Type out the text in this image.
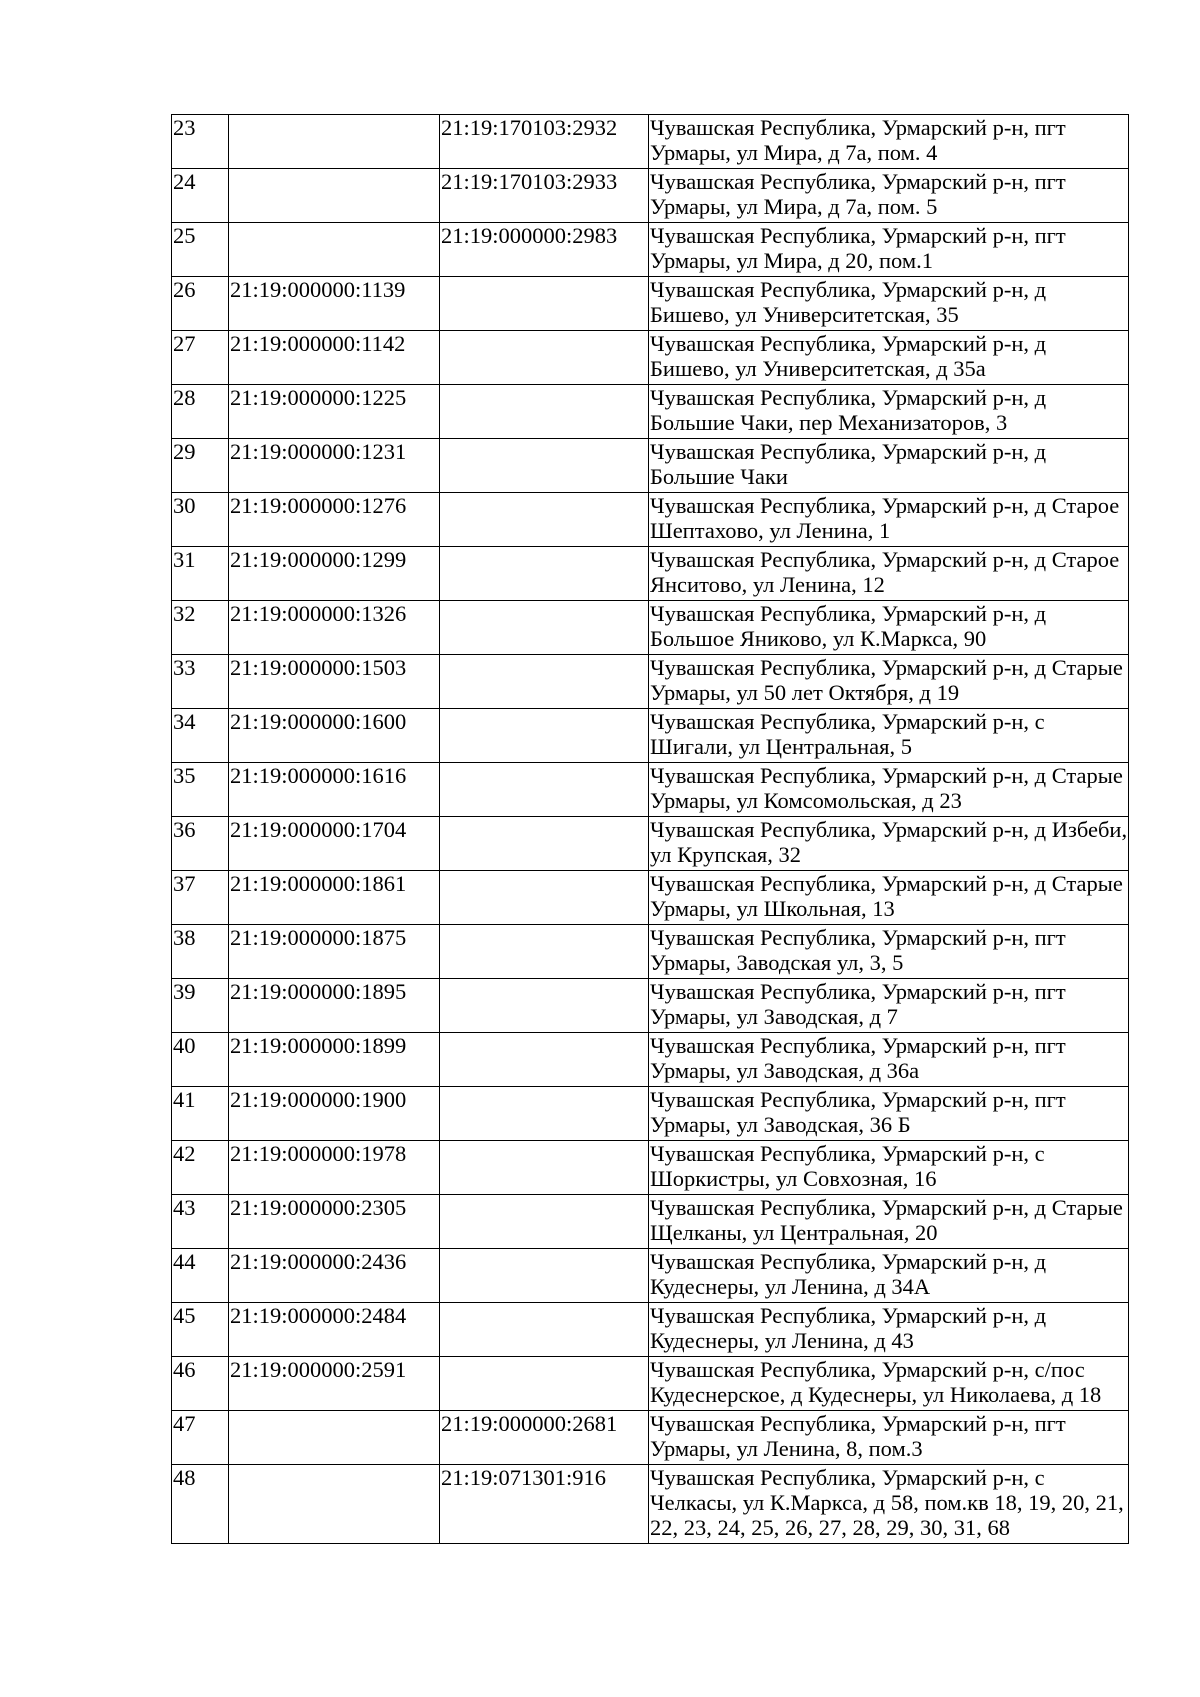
23		21:19:170103:2932	Чувашская Республика, Урмарский р-н, пгт Урмары, ул Мира, д 7а, пом. 4
24		21:19:170103:2933	Чувашская Республика, Урмарский р-н, пгт Урмары, ул Мира, д 7а, пом. 5
25		21:19:000000:2983	Чувашская Республика, Урмарский р-н, пгт Урмары, ул Мира, д 20, пом.1
26	21:19:000000:1139		Чувашская Республика, Урмарский р-н, д Бишево, ул Университетская, 35
27	21:19:000000:1142		Чувашская Республика, Урмарский р-н, д Бишево, ул Университетская, д 35а
28	21:19:000000:1225		Чувашская Республика, Урмарский р-н, д Большие Чаки, пер Механизаторов, 3
29	21:19:000000:1231		Чувашская Республика, Урмарский р-н, д Большие Чаки
30	21:19:000000:1276		Чувашская Республика, Урмарский р-н, д Старое Шептахово, ул Ленина, 1
31	21:19:000000:1299		Чувашская Республика, Урмарский р-н, д Старое Янситово, ул Ленина, 12
32	21:19:000000:1326		Чувашская Республика, Урмарский р-н, д Большое Яниково, ул К.Маркса, 90
33	21:19:000000:1503		Чувашская Республика, Урмарский р-н, д Старые Урмары, ул 50 лет Октября, д 19
34	21:19:000000:1600		Чувашская Республика, Урмарский р-н, с Шигали, ул Центральная, 5
35	21:19:000000:1616		Чувашская Республика, Урмарский р-н, д Старые Урмары, ул Комсомольская, д 23
36	21:19:000000:1704		Чувашская Республика, Урмарский р-н, д Избеби, ул Крупская, 32
37	21:19:000000:1861		Чувашская Республика, Урмарский р-н, д Старые Урмары, ул Школьная, 13
38	21:19:000000:1875		Чувашская Республика, Урмарский р-н, пгт Урмары, Заводская ул, 3, 5
39	21:19:000000:1895		Чувашская Республика, Урмарский р-н, пгт Урмары, ул Заводская, д 7
40	21:19:000000:1899		Чувашская Республика, Урмарский р-н, пгт Урмары, ул Заводская, д 36а
41	21:19:000000:1900		Чувашская Республика, Урмарский р-н, пгт Урмары, ул Заводская, 36 Б
42	21:19:000000:1978		Чувашская Республика, Урмарский р-н, с Шоркистры, ул Совхозная, 16
43	21:19:000000:2305		Чувашская Республика, Урмарский р-н, д Старые Щелканы, ул Центральная, 20
44	21:19:000000:2436		Чувашская Республика, Урмарский р-н, д Кудеснеры, ул Ленина, д 34А
45	21:19:000000:2484		Чувашская Республика, Урмарский р-н, д Кудеснеры, ул Ленина, д 43
46	21:19:000000:2591		Чувашская Республика, Урмарский р-н, с/пос Кудеснерское, д Кудеснеры, ул Николаева, д 18
47		21:19:000000:2681	Чувашская Республика, Урмарский р-н, пгт Урмары, ул Ленина, 8, пом.3
48		21:19:071301:916	Чувашская Республика, Урмарский р-н, с Челкасы, ул К.Маркса, д 58, пом.кв 18, 19, 20, 21, 22, 23, 24, 25, 26, 27, 28, 29, 30, 31, 68
